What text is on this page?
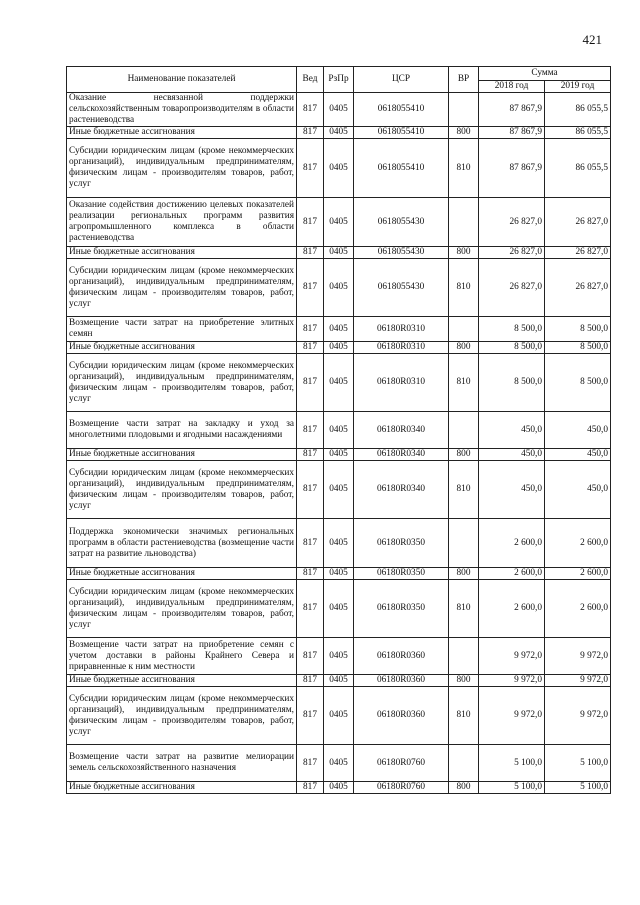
421
Наименование показателей	Вед	РзПр	ЦСР	ВР	Сумма	
					2018 год	2019 год
Оказание несвязанной поддержки сельскохозяйственным товаропроизводителям в области растениеводства	817	0405	0618055410		87 867,9	86 055,5
Иные бюджетные ассигнования	817	0405	0618055410	800	87 867,9	86 055,5
Субсидии юридическим лицам (кроме некоммерческих организаций), индивидуальным предпринимателям, физическим лицам - производителям товаров, работ, услуг	817	0405	0618055410	810	87 867,9	86 055,5
Оказание содействия достижению целевых показателей реализации региональных программ развития агропромышленного комплекса в области растениеводства	817	0405	0618055430		26 827,0	26 827,0
Иные бюджетные ассигнования	817	0405	0618055430	800	26 827,0	26 827,0
Субсидии юридическим лицам (кроме некоммерческих организаций), индивидуальным предпринимателям, физическим лицам - производителям товаров, работ, услуг	817	0405	0618055430	810	26 827,0	26 827,0
Возмещение части затрат на приобретение элитных семян	817	0405	06180R0310		8 500,0	8 500,0
Иные бюджетные ассигнования	817	0405	06180R0310	800	8 500,0	8 500,0
Субсидии юридическим лицам (кроме некоммерческих организаций), индивидуальным предпринимателям, физическим лицам - производителям товаров, работ, услуг	817	0405	06180R0310	810	8 500,0	8 500,0
Возмещение части затрат на закладку и уход за многолетними плодовыми и ягодными насаждениями	817	0405	06180R0340		450,0	450,0
Иные бюджетные ассигнования	817	0405	06180R0340	800	450,0	450,0
Субсидии юридическим лицам (кроме некоммерческих организаций), индивидуальным предпринимателям, физическим лицам - производителям товаров, работ, услуг	817	0405	06180R0340	810	450,0	450,0
Поддержка экономически значимых региональных программ в области растениеводства (возмещение части затрат на развитие льноводства)	817	0405	06180R0350		2 600,0	2 600,0
Иные бюджетные ассигнования	817	0405	06180R0350	800	2 600,0	2 600,0
Субсидии юридическим лицам (кроме некоммерческих организаций), индивидуальным предпринимателям, физическим лицам - производителям товаров, работ, услуг	817	0405	06180R0350	810	2 600,0	2 600,0
Возмещение части затрат на приобретение семян с учетом доставки в районы Крайнего Севера и приравненные к ним местности	817	0405	06180R0360		9 972,0	9 972,0
Иные бюджетные ассигнования	817	0405	06180R0360	800	9 972,0	9 972,0
Субсидии юридическим лицам (кроме некоммерческих организаций), индивидуальным предпринимателям, физическим лицам - производителям товаров, работ, услуг	817	0405	06180R0360	810	9 972,0	9 972,0
Возмещение части затрат на развитие мелиорации земель сельскохозяйственного назначения	817	0405	06180R0760		5 100,0	5 100,0
Иные бюджетные ассигнования	817	0405	06180R0760	800	5 100,0	5 100,0
